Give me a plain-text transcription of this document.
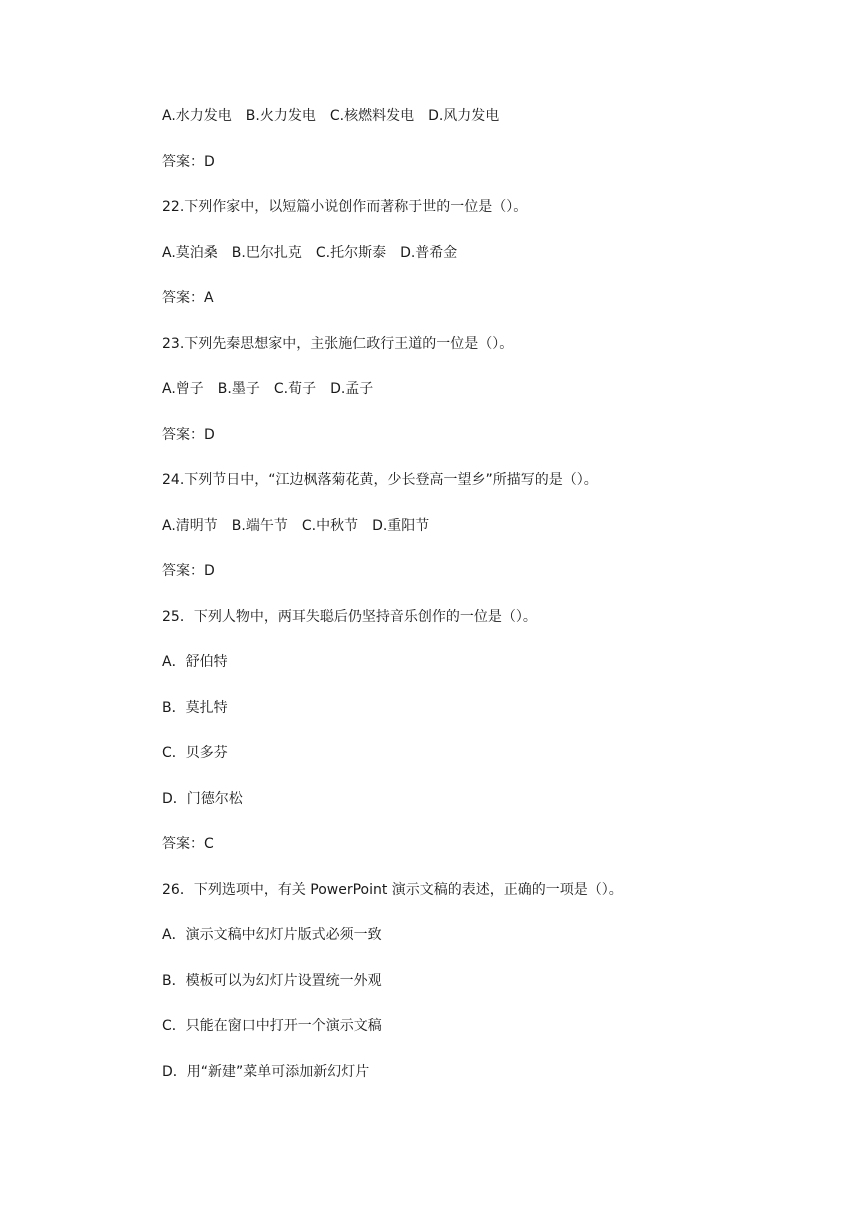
A.水力发电 B.火力发电 C.核燃料发电 D.风力发电
答案：D
22.下列作家中，以短篇小说创作而著称于世的一位是（）。
A.莫泊桑 B.巴尔扎克 C.托尔斯泰 D.普希金
答案：A
23.下列先秦思想家中，主张施仁政行王道的一位是（）。
A.曾子 B.墨子 C.荀子 D.孟子
答案：D
24.下列节日中，“江边枫落菊花黄，少长登高一望乡”所描写的是（）。
A.清明节 B.端午节 C.中秋节 D.重阳节
答案：D
25．下列人物中，两耳失聪后仍坚持音乐创作的一位是（）。
A．舒伯特
B．莫扎特
C．贝多芬
D．门德尔松
答案：C
26．下列选项中，有关 PowerPoint 演示文稿的表述，正确的一项是（）。
A．演示文稿中幻灯片版式必须一致
B．模板可以为幻灯片设置统一外观
C．只能在窗口中打开一个演示文稿
D．用“新建”菜单可添加新幻灯片
